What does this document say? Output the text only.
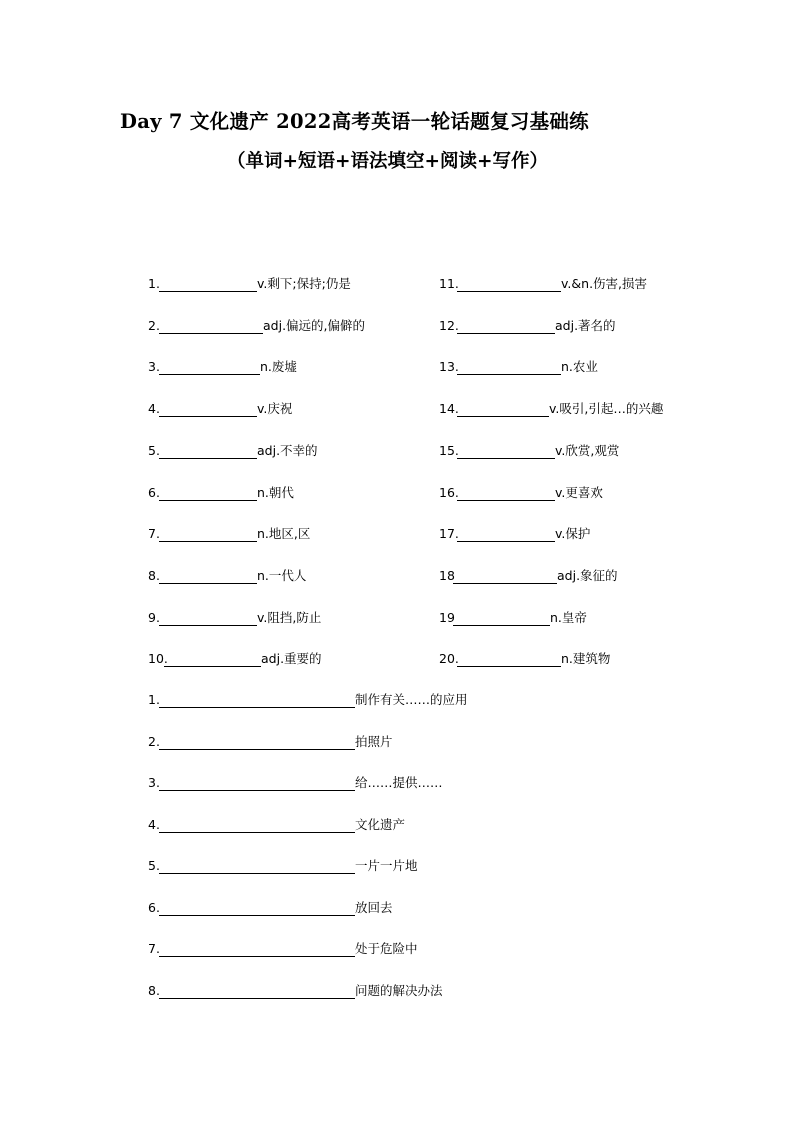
Day 7 文化遗产 2022高考英语一轮话题复习基础练
（单词+短语+语法填空+阅读+写作）
1.	v.剩下;保持;仍是
2.	adj.偏远的,偏僻的
3.	n.废墟
4.	v.庆祝
5.	adj.不幸的
6.	n.朝代
7.	n.地区,区
8.	n.一代人
9.	v.阻挡,防止
10.	adj.重要的
11.	v.&n.伤害,损害
12.	adj.著名的
13.	n.农业
14.	v.吸引,引起…的兴趣
15.	v.欣赏,观赏
16.	v.更喜欢
17.	v.保护
18	adj.象征的
19	n.皇帝
20.	n.建筑物
1.	制作有关……的应用
2.	拍照片
3.	给……提供……
4.	文化遗产
5.	一片一片地
6.	放回去
7.	处于危险中
8.	问题的解决办法
